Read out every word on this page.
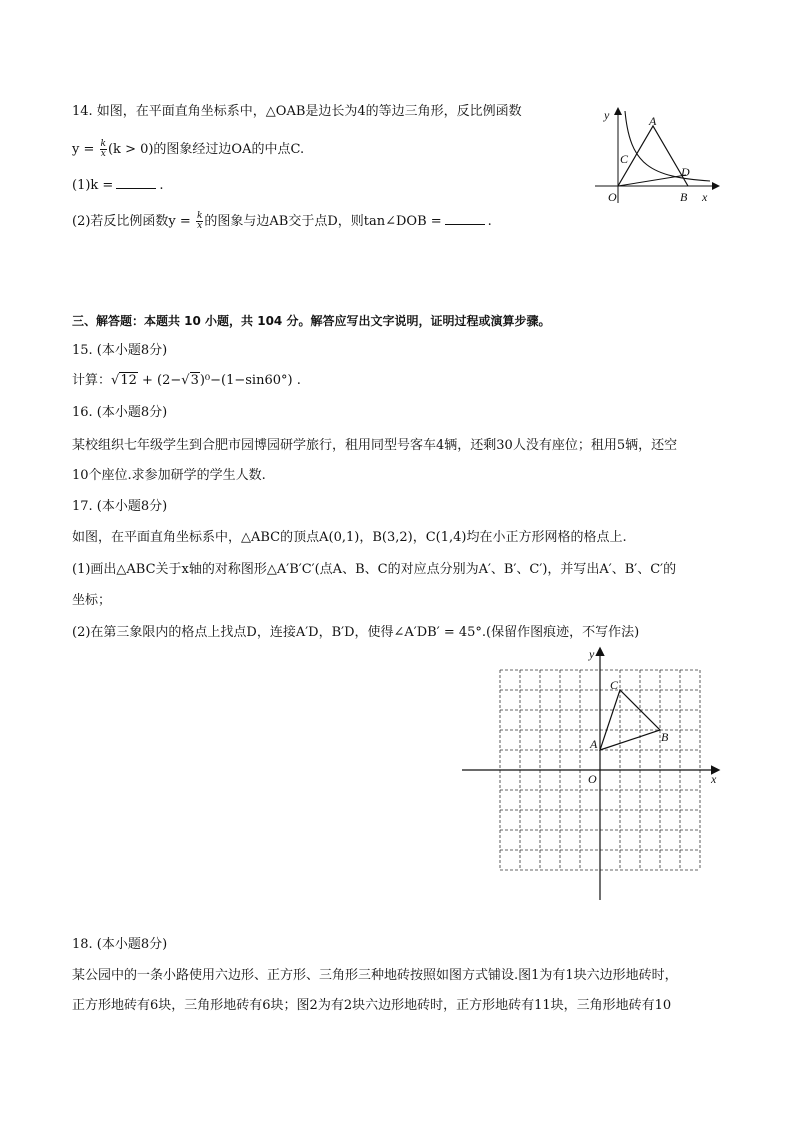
14. 如图，在平面直角坐标系中，△OAB是边长为4的等边三角形，反比例函数
$y = \frac{k}{x} (k > 0)$的图象经过边OA的中点C.
(1)k =	.
(2)若反比例函数$y = \frac{k}{x}$ 的图象与边AB交于点D，则tan∠DOB =	.
y	A
C
D
O	B x
三、解答题：本题共 10 小题，共 104 分。解答应写出文字说明，证明过程或演算步骤。
15. (本小题8分)
计算：√12 + (2−√3)⁰−(1−sin60°) .
16. (本小题8分)
某校组织七年级学生到合肥市园博园研学旅行，租用同型号客车4辆，还剩30人没有座位；租用5辆，还空
10个座位.求参加研学的学生人数.
17. (本小题8分)
如图，在平面直角坐标系中，△ABC的顶点A(0,1)，B(3,2)，C(1,4)均在小正方形网格的格点上.
(1)画出△ABC关于x轴的对称图形△A′B′C′(点A、B、C的对应点分别为A′、B′、C′)，并写出A′、B′、C′的
坐标；
(2)在第三象限内的格点上找点D，连接A′D，B′D，使得∠A′DB′ = 45°.(保留作图痕迹，不写作法)
y
x
O
A	B
C
18. (本小题8分)
某公园中的一条小路使用六边形、正方形、三角形三种地砖按照如图方式铺设.图1为有1块六边形地砖时，
正方形地砖有6块，三角形地砖有6块；图2为有2块六边形地砖时，正方形地砖有11块，三角形地砖有10
